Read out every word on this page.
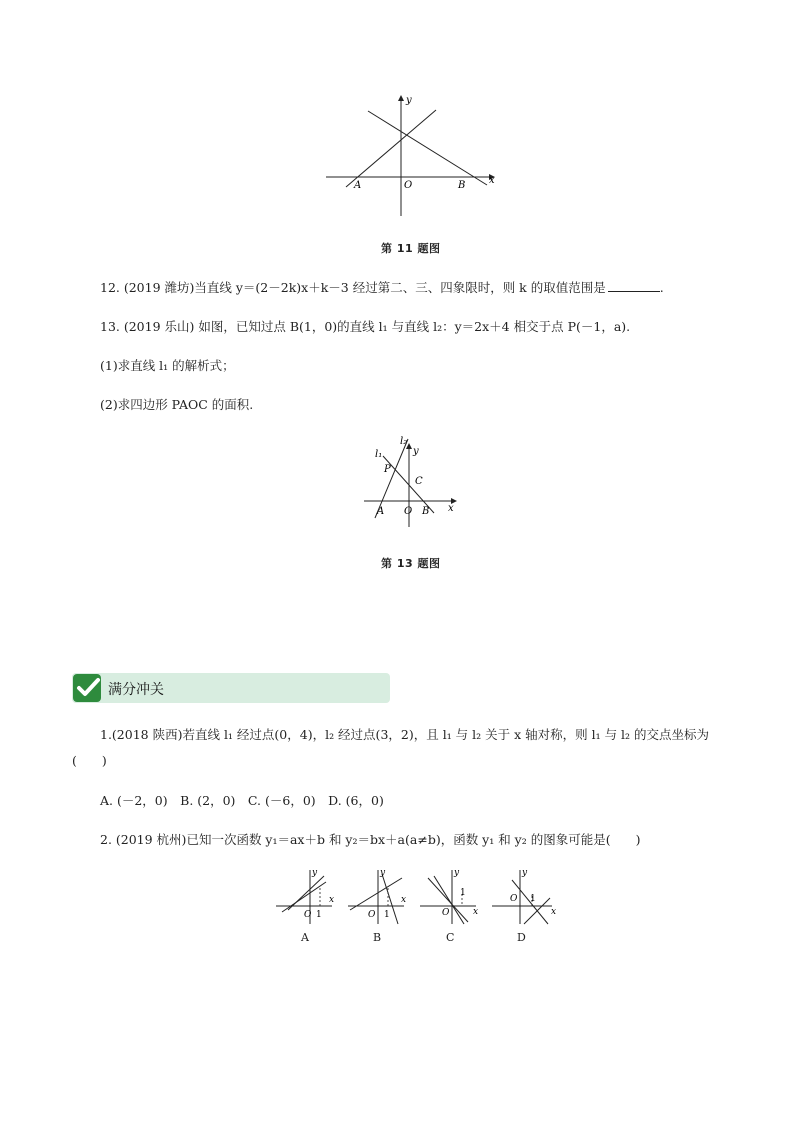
y
x
O
A	B
第 11 题图
12. (2019 潍坊)当直线 y＝(2－2k)x＋k－3 经过第二、三、四象限时，则 k 的取值范围是	.
13. (2019 乐山) 如图，已知过点 B(1，0)的直线 l₁ 与直线 l₂：y＝2x＋4 相交于点 P(－1，a).
(1)求直线 l₁ 的解析式；
(2)求四边形 PAOC 的面积.
l₁
l₂
y
x
P
C
A O B
第 13 题图
满分冲关
1.(2018 陕西)若直线 l₁ 经过点(0，4)，l₂ 经过点(3，2)，且 l₁ 与 l₂ 关于 x 轴对称，则 l₁ 与 l₂ 的交点坐标为
(　　)
A. (－2，0)　B. (2，0)　C. (－6，0)　D. (6，0)
2. (2019 杭州)已知一次函数 y₁＝ax＋b 和 y₂＝bx＋a(a≠b)，函数 y₁ 和 y₂ 的图象可能是(　　)
y
x
O 1
A
y
x
O 1
B
y
x
O
1
C
y
x
O 1
D
